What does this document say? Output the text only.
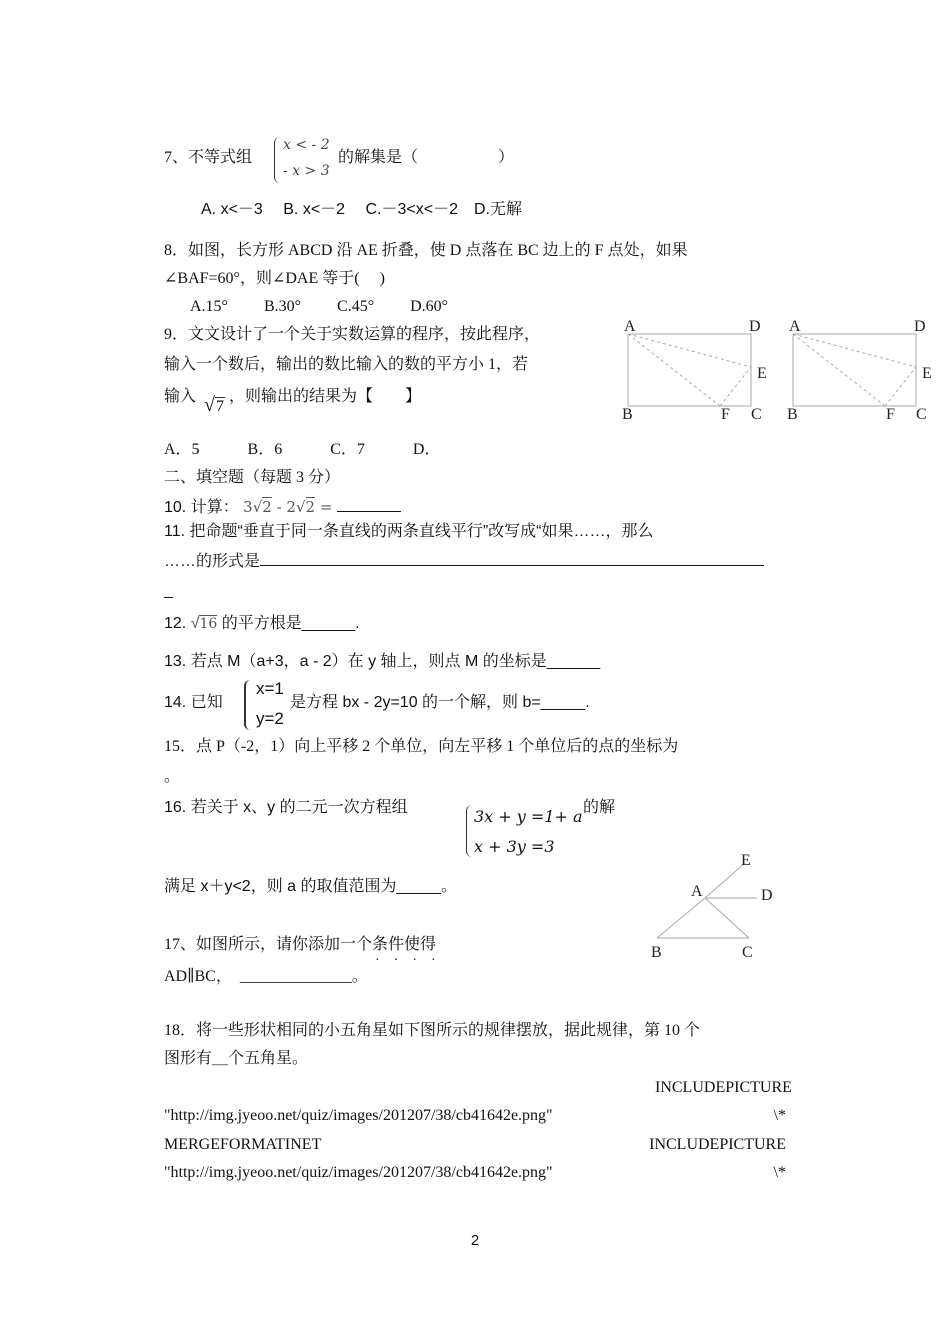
7、不等式组
x < - 2
- x > 3
的解集是（　　　　　）
A. x<－3　 B. x<－2　 C.－3<x<－2　D.无解
8．如图，长方形 ABCD 沿 AE 折叠，使 D 点落在 BC 边上的 F 点处，如果
∠BAF=60°，则∠DAE 等于(　 )
A.15°　　 B.30°　　 C.45°　　 D.60°
9．文文设计了一个关于实数运算的程序，按此程序，
输入一个数后，输出的数比输入的数的平方小 1，若
输入 √7 ，则输出的结果为【　　】
A．5　　　B．6　　　C．7　　　D．
A	D
E
B	F C
A	D
E
B	F C
二、填空题（每题 3 分）
10. 计算： 3√2 - 2√2 =
11. 把命题“垂直于同一条直线的两条直线平行”改写成“如果……，那么
……的形式是
_
12. √16 的平方根是______.
13. 若点 M（a+3，a - 2）在 y 轴上，则点 M 的坐标是______
14. 已知
x=1
y=2
是方程 bx - 2y=10 的一个解，则 b=_____.
15．点 P（-2，1）向上平移 2 个单位，向左平移 1 个单位后的点的坐标为
。
16. 若关于 x、y 的二元一次方程组	3x + y =1+ a
x + 3y =3
的解
满足 x＋y<2，则 a 的取值范围为_____。
E
A	D
B	C
17、如图所示，请你添加一个条件使得
····
AD∥BC，　______________。
18．将一些形状相同的小五角星如下图所示的规律摆放，据此规律，第 10 个
图形有＿个五角星。
INCLUDEPICTURE
"http://img.jyeoo.net/quiz/images/201207/38/cb41642e.png"	\*
MERGEFORMATINET	INCLUDEPICTURE
"http://img.jyeoo.net/quiz/images/201207/38/cb41642e.png"	\*
2
